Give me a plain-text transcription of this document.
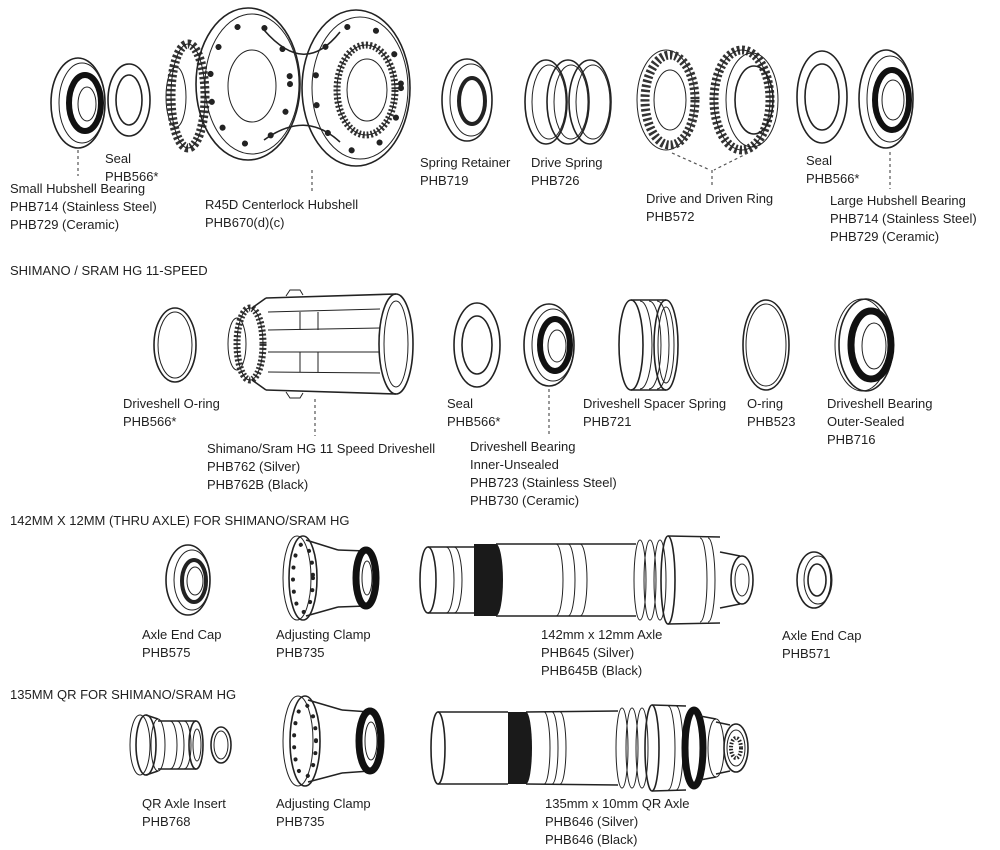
Small Hubshell Bearing
PHB714 (Stainless Steel)
PHB729 (Ceramic)
Seal
PHB566*
R45D Centerlock Hubshell
PHB670(d)(c)
Spring Retainer
PHB719
Drive Spring
PHB726
Drive and Driven Ring
PHB572
Seal
PHB566*
Large Hubshell Bearing
PHB714 (Stainless Steel)
PHB729 (Ceramic)
SHIMANO / SRAM HG 11-SPEED
Driveshell O-ring
PHB566*
Shimano/Sram HG 11 Speed Driveshell
PHB762 (Silver)
PHB762B (Black)
Seal
PHB566*
Driveshell Bearing
Inner-Unsealed
PHB723 (Stainless Steel)
PHB730 (Ceramic)
Driveshell Spacer Spring
PHB721
O-ring
PHB523
Driveshell Bearing
Outer-Sealed
PHB716
142MM X 12MM (THRU AXLE) FOR SHIMANO/SRAM HG
Axle End Cap
PHB575
Adjusting Clamp
PHB735
142mm x 12mm Axle
PHB645 (Silver)
PHB645B (Black)
Axle End Cap
PHB571
135MM QR FOR SHIMANO/SRAM HG
QR Axle Insert
PHB768
Adjusting Clamp
PHB735
135mm x 10mm QR Axle
PHB646 (Silver)
PHB646 (Black)
